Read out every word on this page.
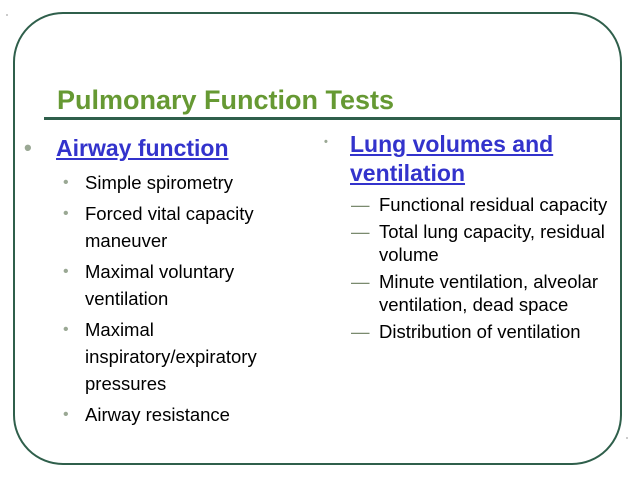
Pulmonary Function Tests
• Airway function
• Simple spirometry
• Forced vital capacity maneuver
• Maximal voluntary ventilation
• Maximal inspiratory/expiratory pressures
• Airway resistance
• Lung volumes and ventilation
— Functional residual capacity
— Total lung capacity, residual volume
— Minute ventilation, alveolar ventilation, dead space
— Distribution of ventilation
